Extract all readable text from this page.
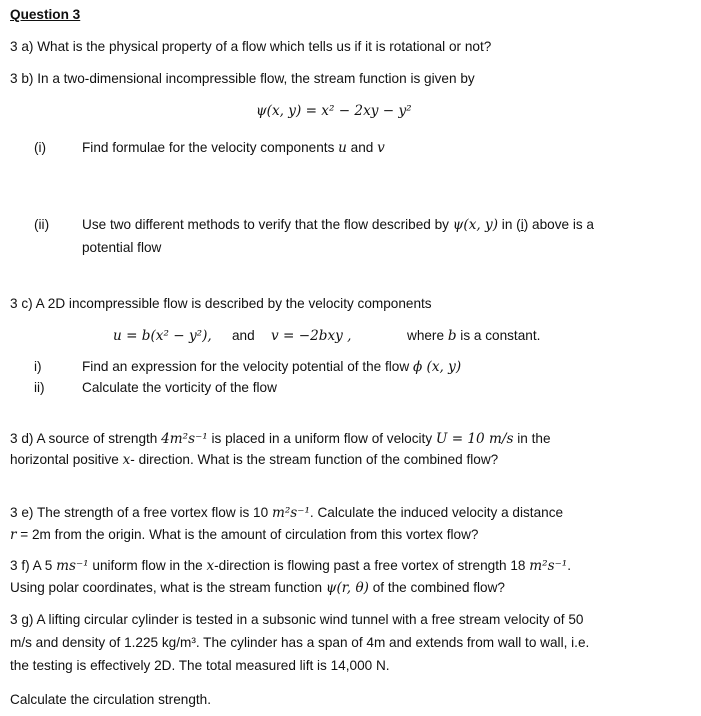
Question 3
3 a) What is the physical property of a flow which tells us if it is rotational or not?
3 b) In a two-dimensional incompressible flow, the stream function is given by
ψ(x, y) = x² − 2xy − y²
(i)	Find formulae for the velocity components u and v
(ii) Use two different methods to verify that the flow described by ψ(x, y) in (i) above is a
potential flow
3 c) A 2D incompressible flow is described by the velocity components
u = b(x² − y²), and v = −2bxy ,	where b is a constant.
i)	Find an expression for the velocity potential of the flow ϕ (x, y)
ii)	Calculate the vorticity of the flow
3 d) A source of strength 4m²s⁻¹ is placed in a uniform flow of velocity U = 10 m/s in the
horizontal positive x- direction. What is the stream function of the combined flow?
3 e) The strength of a free vortex flow is 10 m²s⁻¹. Calculate the induced velocity a distance
r = 2m from the origin. What is the amount of circulation from this vortex flow?
3 f) A 5 ms⁻¹ uniform flow in the x-direction is flowing past a free vortex of strength 18 m²s⁻¹.
Using polar coordinates, what is the stream function ψ(r, θ) of the combined flow?
3 g) A lifting circular cylinder is tested in a subsonic wind tunnel with a free stream velocity of 50
m/s and density of 1.225 kg/m³. The cylinder has a span of 4m and extends from wall to wall, i.e.
the testing is effectively 2D. The total measured lift is 14,000 N.
Calculate the circulation strength.
